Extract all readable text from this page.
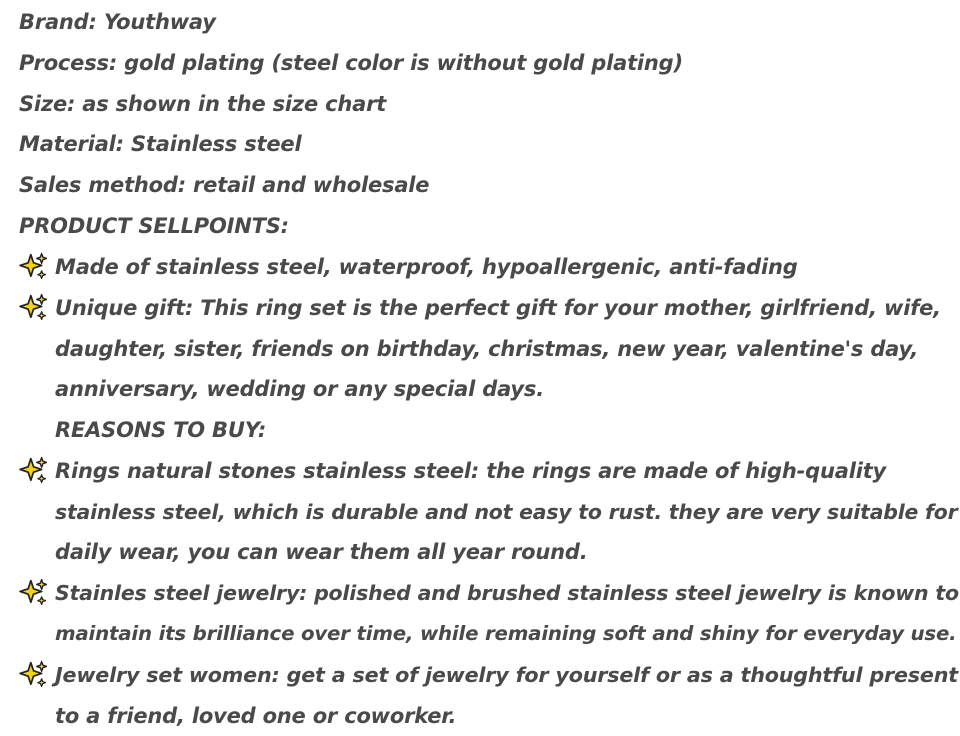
Brand: Youthway
Process: gold plating (steel color is without gold plating)
Size: as shown in the size chart
Material: Stainless steel
Sales method: retail and wholesale
PRODUCT SELLPOINTS:
Made of stainless steel, waterproof, hypoallergenic, anti-fading
Unique gift: This ring set is the perfect gift for your mother, girlfriend, wife,
daughter, sister, friends on birthday, christmas, new year, valentine's day,
anniversary, wedding or any special days.
REASONS TO BUY:
Rings natural stones stainless steel: the rings are made of high-quality
stainless steel, which is durable and not easy to rust. they are very suitable for
daily wear, you can wear them all year round.
Stainles steel jewelry: polished and brushed stainless steel jewelry is known to
maintain its brilliance over time, while remaining soft and shiny for everyday use.
Jewelry set women: get a set of jewelry for yourself or as a thoughtful present
to a friend, loved one or coworker.
